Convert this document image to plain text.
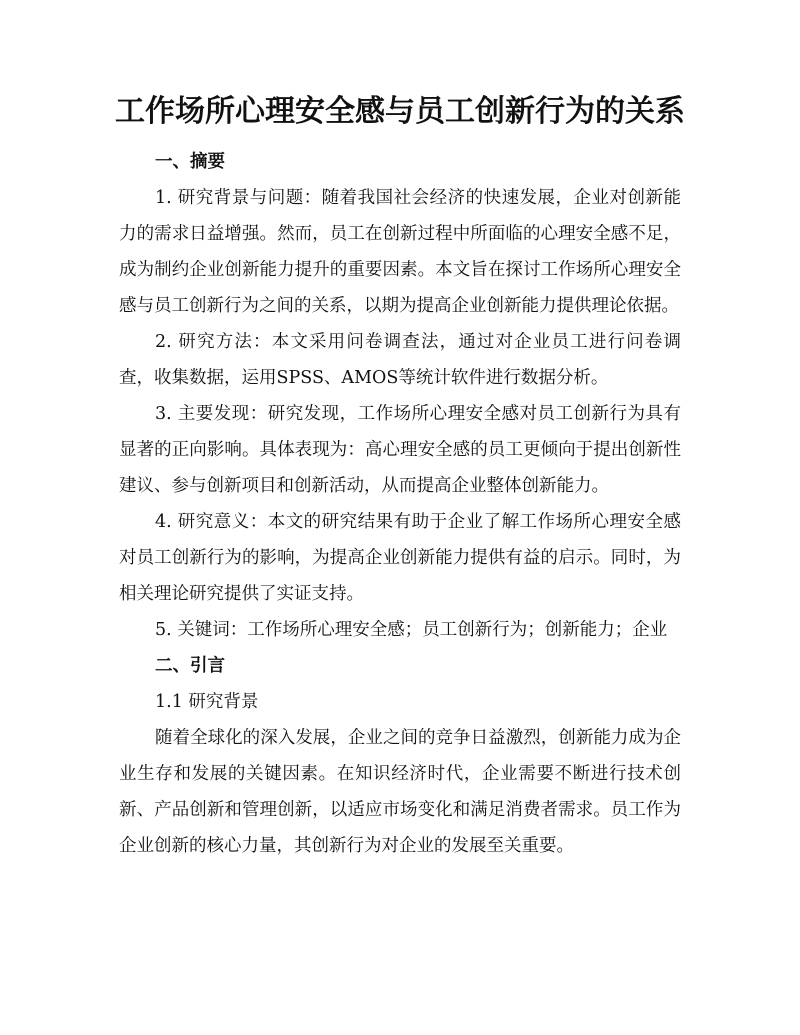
工作场所心理安全感与员工创新行为的关系

一、摘要

1. 研究背景与问题：随着我国社会经济的快速发展，企业对创新能力的需求日益增强。然而，员工在创新过程中所面临的心理安全感不足，成为制约企业创新能力提升的重要因素。本文旨在探讨工作场所心理安全感与员工创新行为之间的关系，以期为提高企业创新能力提供理论依据。

2. 研究方法：本文采用问卷调查法，通过对企业员工进行问卷调查，收集数据，运用SPSS、AMOS等统计软件进行数据分析。

3. 主要发现：研究发现，工作场所心理安全感对员工创新行为具有显著的正向影响。具体表现为：高心理安全感的员工更倾向于提出创新性建议、参与创新项目和创新活动，从而提高企业整体创新能力。

4. 研究意义：本文的研究结果有助于企业了解工作场所心理安全感对员工创新行为的影响，为提高企业创新能力提供有益的启示。同时，为相关理论研究提供了实证支持。

5. 关键词：工作场所心理安全感；员工创新行为；创新能力；企业

二、引言

1.1 研究背景

随着全球化的深入发展，企业之间的竞争日益激烈，创新能力成为企业生存和发展的关键因素。在知识经济时代，企业需要不断进行技术创新、产品创新和管理创新，以适应市场变化和满足消费者需求。员工作为企业创新的核心力量，其创新行为对企业的发展至关重要。
